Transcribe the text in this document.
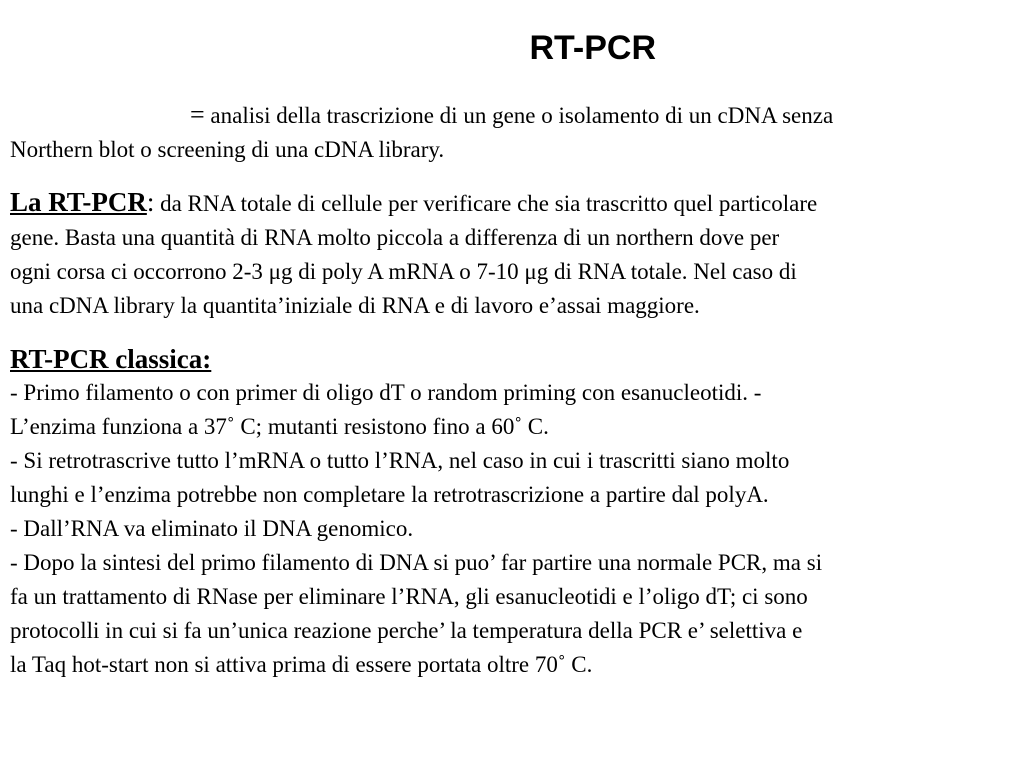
RT-PCR

= analisi della trascrizione di un gene o isolamento di un cDNA senza
Northern blot o screening di una cDNA library.

La RT-PCR: da RNA totale di cellule per verificare che sia trascritto quel particolare
gene. Basta una quantità di RNA molto piccola a differenza di un northern dove per
ogni corsa ci occorrono 2-3 μg di poly A mRNA o 7-10 μg di RNA totale. Nel caso di
una cDNA library la quantita’iniziale di RNA e di lavoro e’assai maggiore.

RT-PCR classica:
- Primo filamento o con primer di oligo dT o random priming con esanucleotidi. -
L’enzima funziona a 37˚ C; mutanti resistono fino a 60˚ C.
- Si retrotrascrive tutto l’mRNA o tutto l’RNA, nel caso in cui i trascritti siano molto
lunghi e l’enzima potrebbe non completare la retrotrascrizione a partire dal polyA.
- Dall’RNA va eliminato il DNA genomico.
- Dopo la sintesi del primo filamento di DNA si puo’ far partire una normale PCR, ma si
fa un trattamento di RNase per eliminare l’RNA, gli esanucleotidi e l’oligo dT; ci sono
protocolli in cui si fa un’unica reazione perche’ la temperatura della PCR e’ selettiva e
la Taq hot-start non si attiva prima di essere portata oltre 70˚ C.
